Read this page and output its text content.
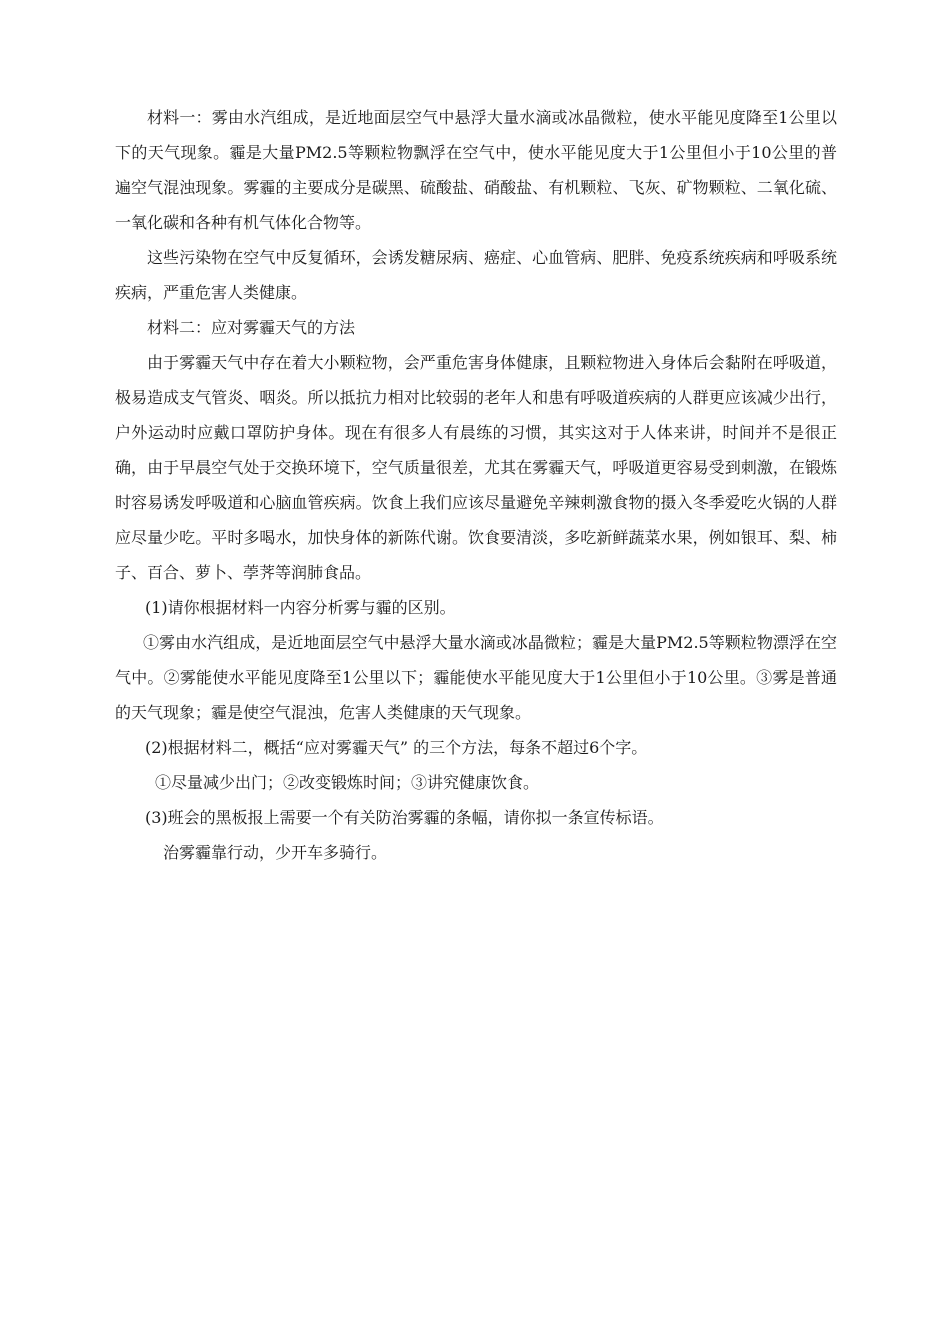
材料一：雾由水汽组成，是近地面层空气中悬浮大量水滴或冰晶微粒，使水平能见度降至1公里以下的天气现象。霾是大量PM2.5等颗粒物飘浮在空气中，使水平能见度大于1公里但小于10公里的普遍空气混浊现象。雾霾的主要成分是碳黑、硫酸盐、硝酸盐、有机颗粒、飞灰、矿物颗粒、二氧化硫、一氧化碳和各种有机气体化合物等。

这些污染物在空气中反复循环，会诱发糖尿病、癌症、心血管病、肥胖、免疫系统疾病和呼吸系统疾病，严重危害人类健康。

材料二：应对雾霾天气的方法

由于雾霾天气中存在着大小颗粒物，会严重危害身体健康，且颗粒物进入身体后会黏附在呼吸道，极易造成支气管炎、咽炎。所以抵抗力相对比较弱的老年人和患有呼吸道疾病的人群更应该减少出行，户外运动时应戴口罩防护身体。现在有很多人有晨练的习惯，其实这对于人体来讲，时间并不是很正确，由于早晨空气处于交换环境下，空气质量很差，尤其在雾霾天气，呼吸道更容易受到刺激，在锻炼时容易诱发呼吸道和心脑血管疾病。饮食上我们应该尽量避免辛辣刺激食物的摄入冬季爱吃火锅的人群应尽量少吃。平时多喝水，加快身体的新陈代谢。饮食要清淡，多吃新鲜蔬菜水果，例如银耳、梨、柿子、百合、萝卜、荸荠等润肺食品。

(1)请你根据材料一内容分析雾与霾的区别。

①雾由水汽组成，是近地面层空气中悬浮大量水滴或冰晶微粒；霾是大量PM2.5等颗粒物漂浮在空气中。②雾能使水平能见度降至1公里以下；霾能使水平能见度大于1公里但小于10公里。③雾是普通的天气现象；霾是使空气混浊，危害人类健康的天气现象。

(2)根据材料二，概括“应对雾霾天气” 的三个方法，每条不超过6个字。

①尽量减少出门；②改变锻炼时间；③讲究健康饮食。

(3)班会的黑板报上需要一个有关防治雾霾的条幅，请你拟一条宣传标语。

治雾霾靠行动，少开车多骑行。
